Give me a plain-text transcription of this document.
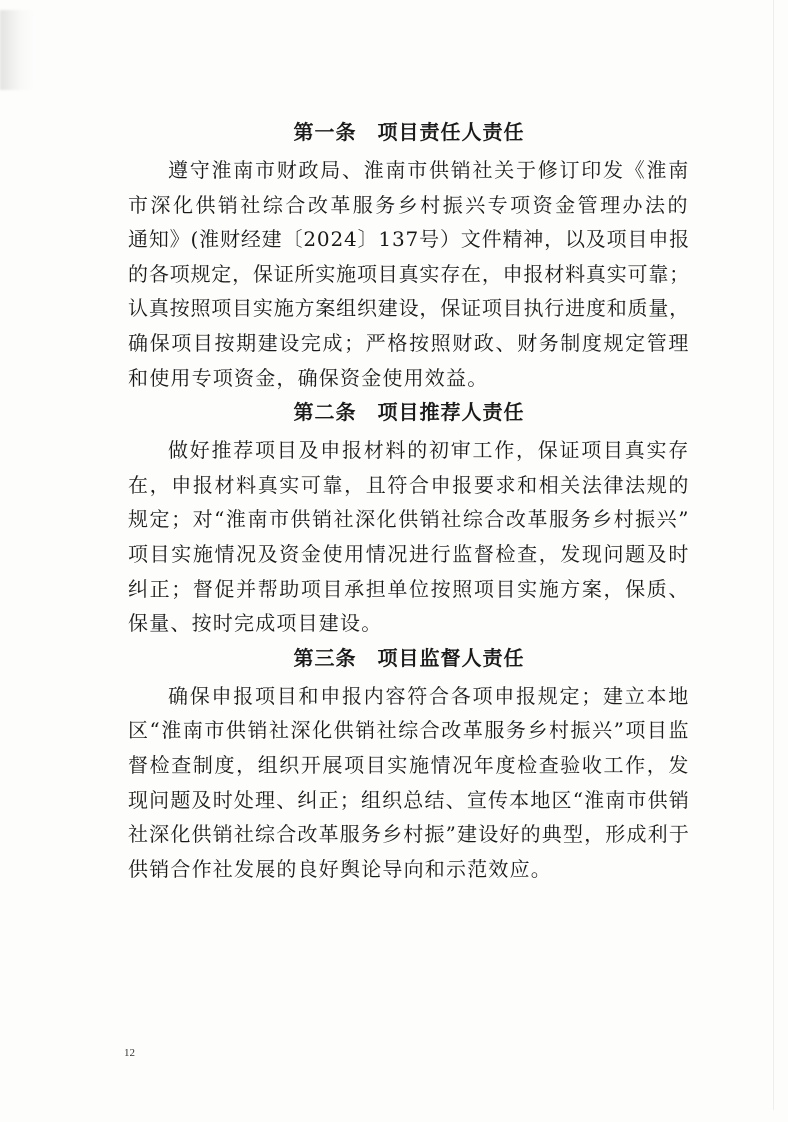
第一条　项目责任人责任
遵守淮南市财政局、淮南市供销社关于修订印发《淮南
市深化供销社综合改革服务乡村振兴专项资金管理办法的
通知》(淮财经建〔2024〕137号）文件精神，以及项目申报
的各项规定，保证所实施项目真实存在，申报材料真实可靠；
认真按照项目实施方案组织建设，保证项目执行进度和质量，
确保项目按期建设完成；严格按照财政、财务制度规定管理
和使用专项资金，确保资金使用效益。
第二条　项目推荐人责任
做好推荐项目及申报材料的初审工作，保证项目真实存
在，申报材料真实可靠，且符合申报要求和相关法律法规的
规定；对“淮南市供销社深化供销社综合改革服务乡村振兴”
项目实施情况及资金使用情况进行监督检查，发现问题及时
纠正；督促并帮助项目承担单位按照项目实施方案，保质、
保量、按时完成项目建设。
第三条　项目监督人责任
确保申报项目和申报内容符合各项申报规定；建立本地
区“淮南市供销社深化供销社综合改革服务乡村振兴”项目监
督检查制度，组织开展项目实施情况年度检查验收工作，发
现问题及时处理、纠正；组织总结、宣传本地区“淮南市供销
社深化供销社综合改革服务乡村振”建设好的典型，形成利于
供销合作社发展的良好舆论导向和示范效应。
12
